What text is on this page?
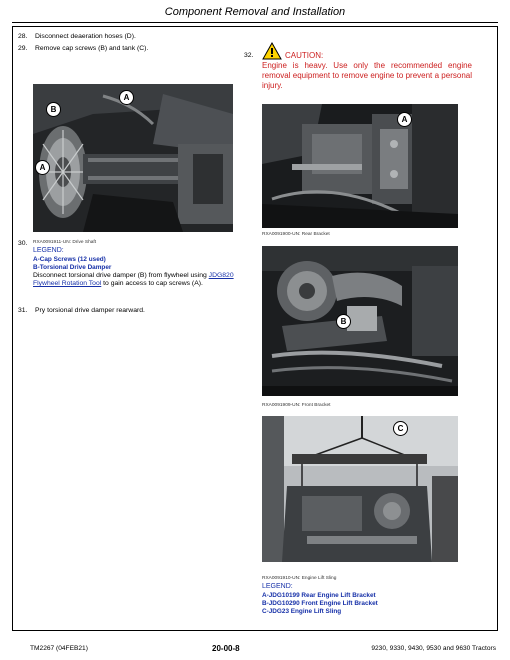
Component Removal and Installation
28. Disconnect deaeration hoses (D).
29. Remove cap screws (B) and tank (C).
A
B
A
RXA0091911-UN: Drive Shaft
LEGEND:
A-Cap Screws (12 used)
B-Torsional Drive Damper
30.
Disconnect torsional drive damper (B) from flywheel using JDG820 Flywheel Rotation Tool to gain access to cap screws (A).
31. Pry torsional drive damper rearward.
32.	CAUTION:
Engine is heavy. Use only the recommended engine removal equipment to remove engine to prevent a personal injury.
A
RXA0091900-UN: Rear Bracket
B
RXA0091909-UN: Front Bracket
C
RXA0091910-UN: Engine Lift Sling
LEGEND:
A-JDG10199 Rear Engine Lift Bracket
B-JDG10290 Front Engine Lift Bracket
C-JDG23 Engine Lift Sling
TM2267 (04FEB21)	20-00-8	9230, 9330, 9430, 9530 and 9630 Tractors
